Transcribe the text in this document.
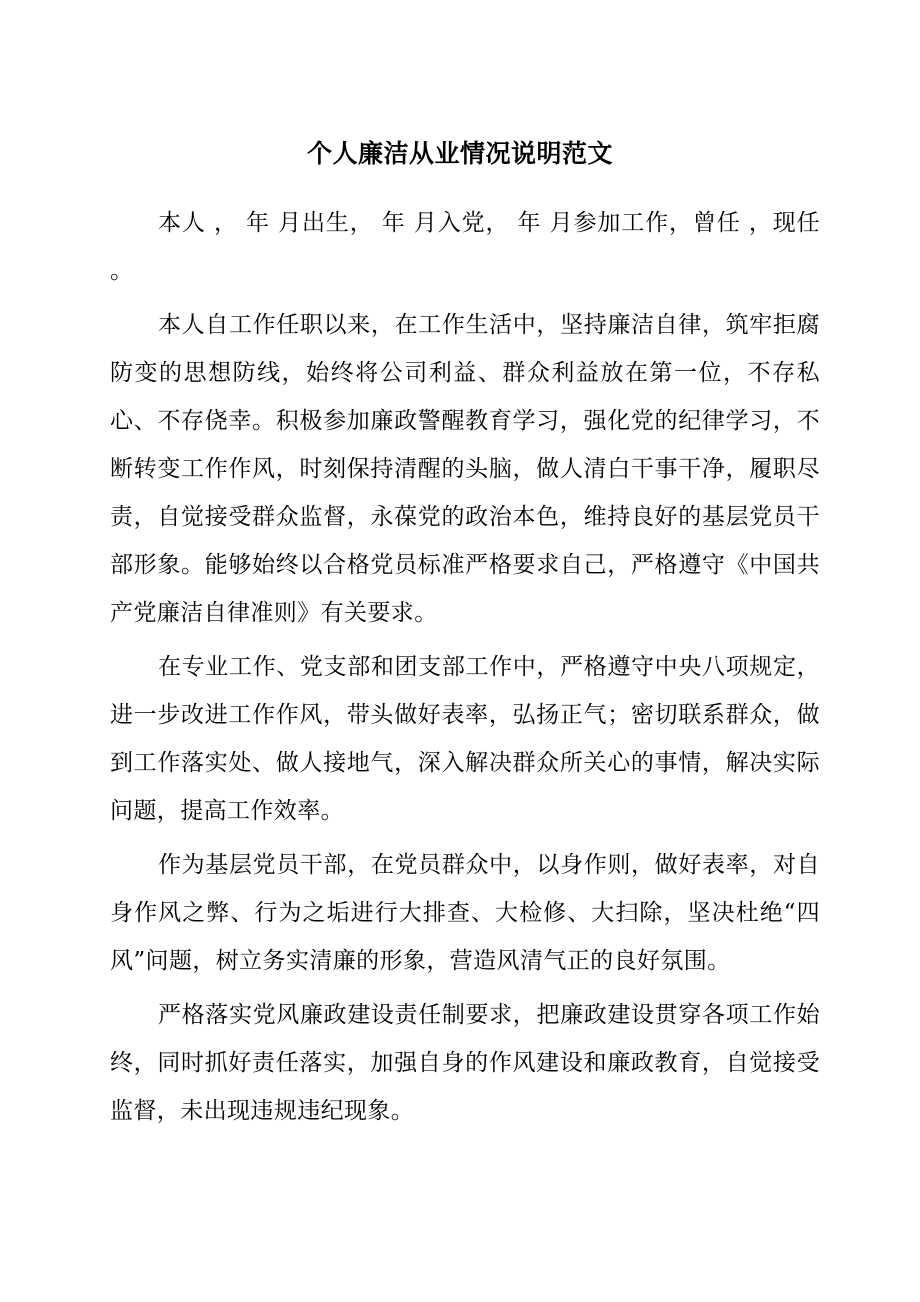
个人廉洁从业情况说明范文

本人 ， 年 月出生， 年 月入党， 年 月参加工作，曾任 ，现任 。

本人自工作任职以来，在工作生活中，坚持廉洁自律，筑牢拒腐防变的思想防线，始终将公司利益、群众利益放在第一位，不存私心、不存侥幸。积极参加廉政警醒教育学习，强化党的纪律学习，不断转变工作作风，时刻保持清醒的头脑，做人清白干事干净，履职尽责，自觉接受群众监督，永葆党的政治本色，维持良好的基层党员干部形象。能够始终以合格党员标准严格要求自己，严格遵守《中国共产党廉洁自律准则》有关要求。

在专业工作、党支部和团支部工作中，严格遵守中央八项规定，进一步改进工作作风，带头做好表率，弘扬正气；密切联系群众，做到工作落实处、做人接地气，深入解决群众所关心的事情，解决实际问题，提高工作效率。

作为基层党员干部，在党员群众中，以身作则，做好表率，对自身作风之弊、行为之垢进行大排查、大检修、大扫除，坚决杜绝“四风”问题，树立务实清廉的形象，营造风清气正的良好氛围。

严格落实党风廉政建设责任制要求，把廉政建设贯穿各项工作始终，同时抓好责任落实，加强自身的作风建设和廉政教育，自觉接受监督，未出现违规违纪现象。
